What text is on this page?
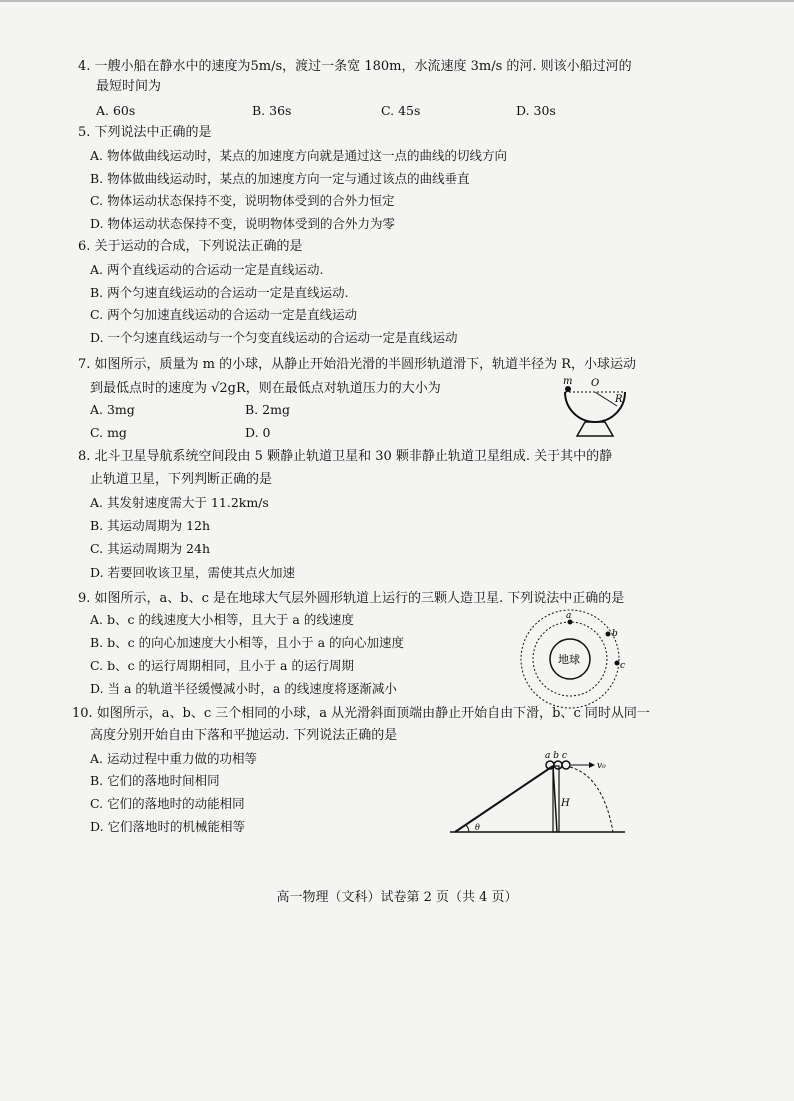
4. 一艘小船在静水中的速度为5m/s，渡过一条宽 180m，水流速度 3m/s 的河. 则该小船过河的
最短时间为
A. 60s	B. 36s	C. 45s	D. 30s
5. 下列说法中正确的是
A. 物体做曲线运动时，某点的加速度方向就是通过这一点的曲线的切线方向
B. 物体做曲线运动时，某点的加速度方向一定与通过该点的曲线垂直
C. 物体运动状态保持不变，说明物体受到的合外力恒定
D. 物体运动状态保持不变，说明物体受到的合外力为零
6. 关于运动的合成，下列说法正确的是
A. 两个直线运动的合运动一定是直线运动.
B. 两个匀速直线运动的合运动一定是直线运动.
C. 两个匀加速直线运动的合运动一定是直线运动
D. 一个匀速直线运动与一个匀变直线运动的合运动一定是直线运动
7. 如图所示，质量为 m 的小球，从静止开始沿光滑的半圆形轨道滑下，轨道半径为 R，小球运动
到最低点时的速度为 √2gR，则在最低点对轨道压力的大小为
A. 3mg	B. 2mg
C. mg	D. 0
m O
R
8. 北斗卫星导航系统空间段由 5 颗静止轨道卫星和 30 颗非静止轨道卫星组成. 关于其中的静
止轨道卫星，下列判断正确的是
A. 其发射速度需大于 11.2km/s
B. 其运动周期为 12h
C. 其运动周期为 24h
D. 若要回收该卫星，需使其点火加速
9. 如图所示，a、b、c 是在地球大气层外圆形轨道上运行的三颗人造卫星. 下列说法中正确的是
A. b、c 的线速度大小相等，且大于 a 的线速度
B. b、c 的向心加速度大小相等，且小于 a 的向心加速度
C. b、c 的运行周期相同，且小于 a 的运行周期
D. 当 a 的轨道半径缓慢减小时，a 的线速度将逐渐减小
地球
a
b
c
10. 如图所示，a、b、c 三个相同的小球，a 从光滑斜面顶端由静止开始自由下滑，b、c 同时从同一
高度分别开始自由下落和平抛运动. 下列说法正确的是
A. 运动过程中重力做的功相等
B. 它们的落地时间相同
C. 它们的落地时的动能相同
D. 它们落地时的机械能相等
a b c
v₀
H
θ
高一物理（文科）试卷第 2 页（共 4 页）
